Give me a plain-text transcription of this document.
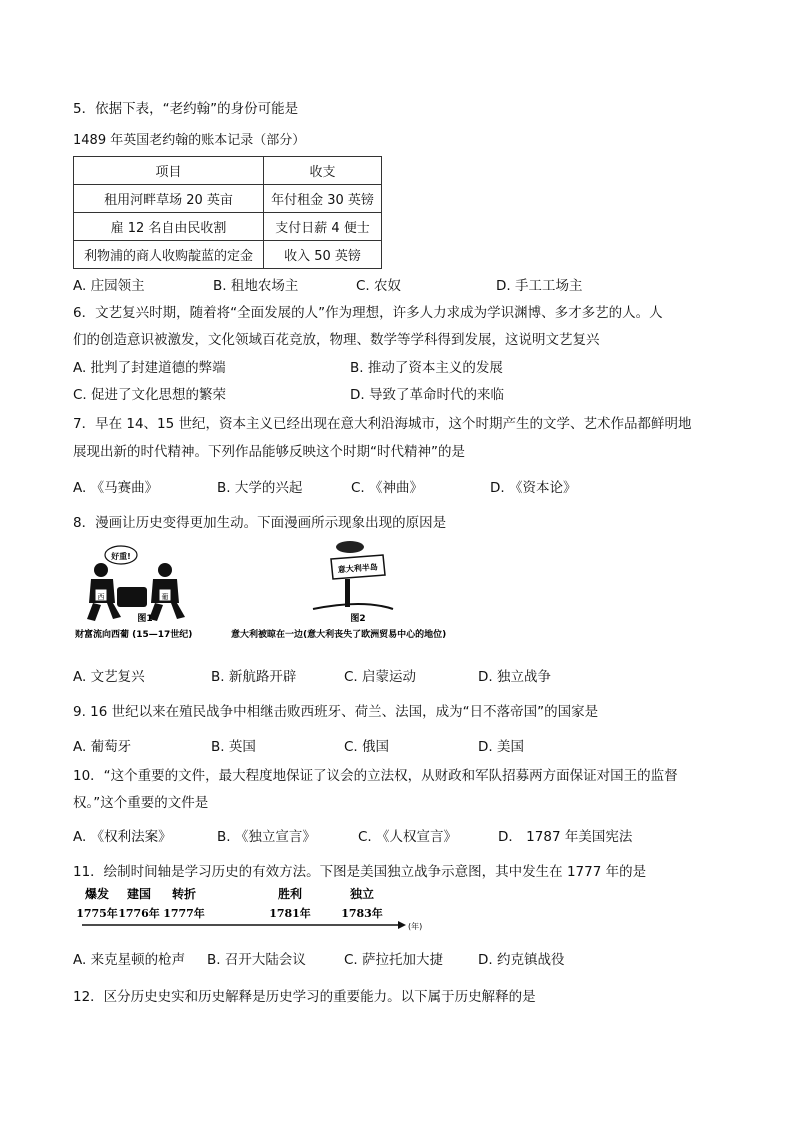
5．依据下表，“老约翰”的身份可能是
1489 年英国老约翰的账本记录（部分）
项目	收支
租用河畔草场 20 英亩	年付租金 30 英镑
雇 12 名自由民收割	支付日薪 4 便士
利物浦的商人收购靛蓝的定金	收入 50 英镑
A. 庄园领主	B. 租地农场主	C. 农奴	D. 手工工场主
6．文艺复兴时期，随着将“全面发展的人”作为理想，许多人力求成为学识渊博、多才多艺的人。人
们的创造意识被激发，文化领域百花竞放，物理、数学等学科得到发展，这说明文艺复兴
A. 批判了封建道德的弊端	B. 推动了资本主义的发展
C. 促进了文化思想的繁荣	D. 导致了革命时代的来临
7．早在 14、15 世纪，资本主义已经出现在意大利沿海城市，这个时期产生的文学、艺术作品都鲜明地
展现出新的时代精神。下列作品能够反映这个时期“时代精神”的是
A. 《马赛曲》	B. 大学的兴起	C. 《神曲》	D. 《资本论》
8．漫画让历史变得更加生动。下面漫画所示现象出现的原因是
好重!
西	葡
图1
意大利半岛
图2
财富流向西葡 (15—17世纪)	意大利被晾在一边(意大利丧失了欧洲贸易中心的地位)
A. 文艺复兴	B. 新航路开辟	C. 启蒙运动	D. 独立战争
9. 16 世纪以来在殖民战争中相继击败西班牙、荷兰、法国，成为“日不落帝国”的国家是
A. 葡萄牙	B. 英国	C. 俄国	D. 美国
10．“这个重要的文件，最大程度地保证了议会的立法权，从财政和军队招募两方面保证对国王的监督
权。”这个重要的文件是
A. 《权利法案》	B. 《独立宣言》	C. 《人权宣言》	D． 1787 年美国宪法
11．绘制时间轴是学习历史的有效方法。下图是美国独立战争示意图，其中发生在 1777 年的是
爆发
1775年
建国
1776年
转折
1777年
胜利
1781年
独立
1783年
(年)
A. 来克星顿的枪声 B. 召开大陆会议	C. 萨拉托加大捷	D. 约克镇战役
12．区分历史史实和历史解释是历史学习的重要能力。以下属于历史解释的是
